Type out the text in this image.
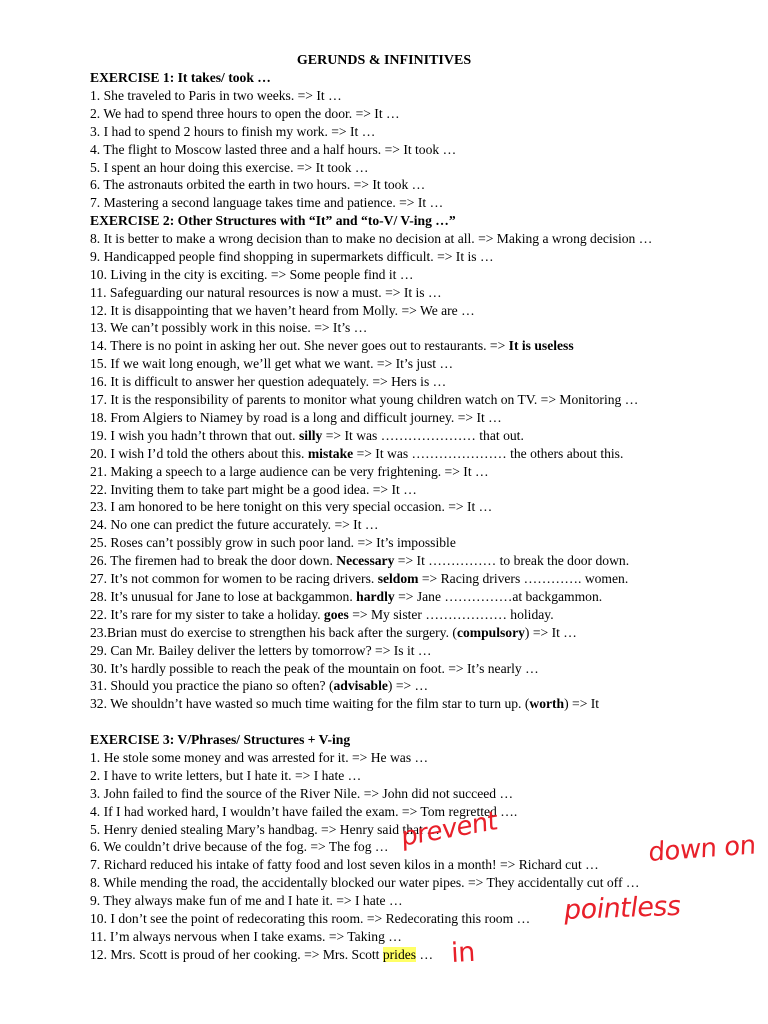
GERUNDS & INFINITIVES
EXERCISE 1: It takes/ took …
1. She traveled to Paris in two weeks. => It …
2. We had to spend three hours to open the door. => It …
3. I had to spend 2 hours to finish my work. => It …
4. The flight to Moscow lasted three and a half hours. => It took …
5. I spent an hour doing this exercise. => It took …
6. The astronauts orbited the earth in two hours. => It took …
7. Mastering a second language takes time and patience. => It …
EXERCISE 2: Other Structures with “It” and “to-V/ V-ing …”
8. It is better to make a wrong decision than to make no decision at all. => Making a wrong decision …
9. Handicapped people find shopping in supermarkets difficult. => It is …
10. Living in the city is exciting. => Some people find it …
11. Safeguarding our natural resources is now a must. => It is …
12. It is disappointing that we haven’t heard from Molly. => We are …
13. We can’t possibly work in this noise. => It’s …
14. There is no point in asking her out. She never goes out to restaurants. => It is useless
15. If we wait long enough, we’ll get what we want. => It’s just …
16. It is difficult to answer her question adequately. => Hers is …
17. It is the responsibility of parents to monitor what young children watch on TV. => Monitoring …
18. From Algiers to Niamey by road is a long and difficult journey. => It …
19. I wish you hadn’t thrown that out. silly => It was ………………… that out.
20. I wish I’d told the others about this. mistake => It was ………………… the others about this.
21. Making a speech to a large audience can be very frightening. => It …
22. Inviting them to take part might be a good idea. => It …
23. I am honored to be here tonight on this very special occasion. => It …
24. No one can predict the future accurately. => It …
25. Roses can’t possibly grow in such poor land. => It’s impossible
26. The firemen had to break the door down. Necessary => It …………… to break the door down.
27. It’s not common for women to be racing drivers. seldom => Racing drivers …………. women.
28. It’s unusual for Jane to lose at backgammon. hardly => Jane ……………at backgammon.
22. It’s rare for my sister to take a holiday. goes => My sister ……………… holiday.
23.Brian must do exercise to strengthen his back after the surgery. (compulsory) => It …
29. Can Mr. Bailey deliver the letters by tomorrow? => Is it …
30. It’s hardly possible to reach the peak of the mountain on foot. => It’s nearly …
31. Should you practice the piano so often? (advisable) => …
32. We shouldn’t have wasted so much time waiting for the film star to turn up. (worth) => It
EXERCISE 3: V/Phrases/ Structures + V-ing
1. He stole some money and was arrested for it. => He was …
2. I have to write letters, but I hate it. => I hate …
3. John failed to find the source of the River Nile. => John did not succeed …
4. If I had worked hard, I wouldn’t have failed the exam. => Tom regretted ….
5. Henry denied stealing Mary’s handbag. => Henry said that …
6. We couldn’t drive because of the fog. => The fog …
7. Richard reduced his intake of fatty food and lost seven kilos in a month! => Richard cut …
8. While mending the road, the accidentally blocked our water pipes. => They accidentally cut off …
9. They always make fun of me and I hate it. => I hate …
10. I don’t see the point of redecorating this room. => Redecorating this room …
11. I’m always nervous when I take exams. => Taking …
12. Mrs. Scott is proud of her cooking. => Mrs. Scott prides …
prevent	down on
pointless
in
